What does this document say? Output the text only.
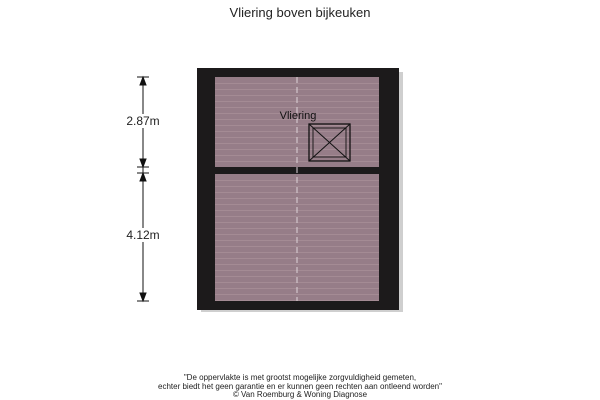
Vliering boven bijkeuken
Vliering
2.87m
4.12m
"De oppervlakte is met grootst mogelijke zorgvuldigheid gemeten,
echter biedt het geen garantie en er kunnen geen rechten aan ontleend worden"
© Van Roemburg & Woning Diagnose
